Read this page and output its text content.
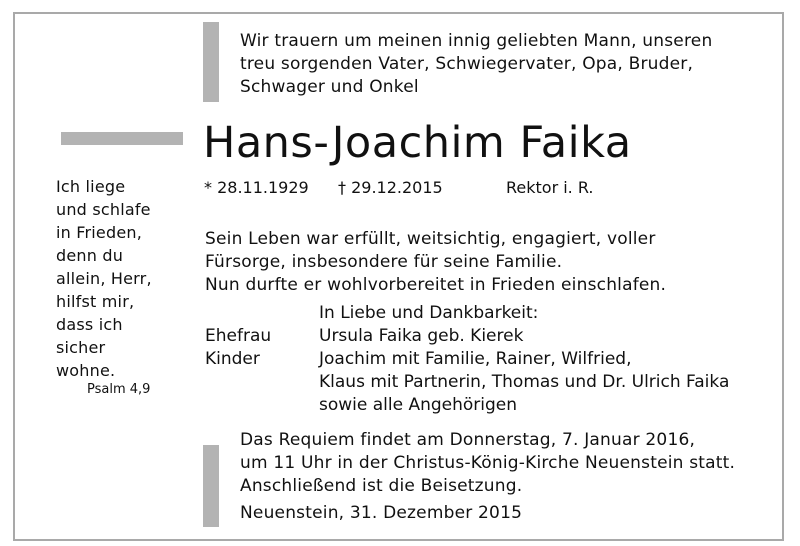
Wir trauern um meinen innig geliebten Mann, unseren
treu sorgenden Vater, Schwiegervater, Opa, Bruder,
Schwager und Onkel
Hans-Joachim Faika
* 28.11.1929 † 29.12.2015	Rektor i. R.
Ich liege
und schlafe
in Frieden,
denn du
allein, Herr,
hilfst mir,
dass ich
sicher
wohne.
Psalm 4,9
Sein Leben war erfüllt, weitsichtig, engagiert, voller
Fürsorge, insbesondere für seine Familie.
Nun durfte er wohlvorbereitet in Frieden einschlafen.
In Liebe und Dankbarkeit:
Ehefrau	Ursula Faika geb. Kierek
Kinder	Joachim mit Familie, Rainer, Wilfried,
Klaus mit Partnerin, Thomas und Dr. Ulrich Faika
sowie alle Angehörigen
Das Requiem findet am Donnerstag, 7. Januar 2016,
um 11 Uhr in der Christus-König-Kirche Neuenstein statt.
Anschließend ist die Beisetzung.
Neuenstein, 31. Dezember 2015
